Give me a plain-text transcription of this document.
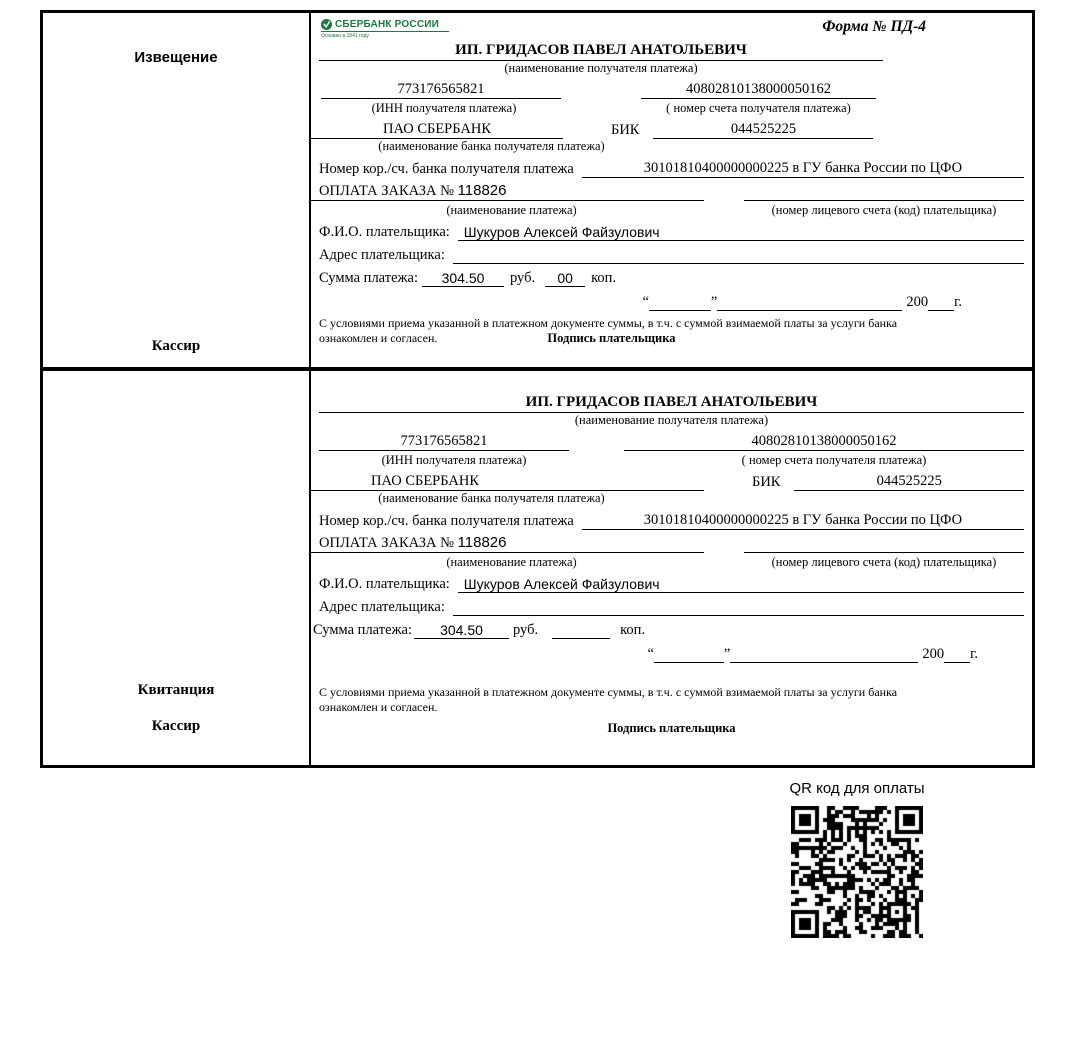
Извещение
Кассир
СБЕРБАНК РОССИИ
Основан в 1841 году
Форма № ПД-4
ИП. ГРИДАСОВ ПАВЕЛ АНАТОЛЬЕВИЧ
(наименование получателя платежа)
773176565821	40802810138000050162
(ИНН получателя платежа)	( номер счета получателя платежа)
ПАО СБЕРБАНК	БИК	044525225
(наименование банка получателя платежа)
Номер кор./сч. банка получателя платежа	30101810400000000225 в ГУ банка России по ЦФО
ОПЛАТА ЗАКАЗА № 118826
(наименование платежа)	(номер лицевого счета (код) плательщика)
Ф.И.О. плательщика:	Шукуров Алексей Файзулович
Адрес плательщика:
Сумма платежа:	304.50	руб.	00	коп.
“	”	200 г.
С условиями приема указанной в платежном документе суммы, в т.ч. с суммой взимаемой платы за услуги банка
ознакомлен и согласен.	Подпись плательщика
Квитанция
Кассир
ИП. ГРИДАСОВ ПАВЕЛ АНАТОЛЬЕВИЧ
(наименование получателя платежа)
773176565821	40802810138000050162
(ИНН получателя платежа)	( номер счета получателя платежа)
ПАО СБЕРБАНК	БИК	044525225
(наименование банка получателя платежа)
Номер кор./сч. банка получателя платежа	30101810400000000225 в ГУ банка России по ЦФО
ОПЛАТА ЗАКАЗА № 118826
(наименование платежа)	(номер лицевого счета (код) плательщика)
Ф.И.О. плательщика:	Шукуров Алексей Файзулович
Адрес плательщика:
Сумма платежа:	304.50	руб.	коп.
“	”	200 г.
С условиями приема указанной в платежном документе суммы, в т.ч. с суммой взимаемой платы за услуги банка
ознакомлен и согласен.
Подпись плательщика
QR код для оплаты
